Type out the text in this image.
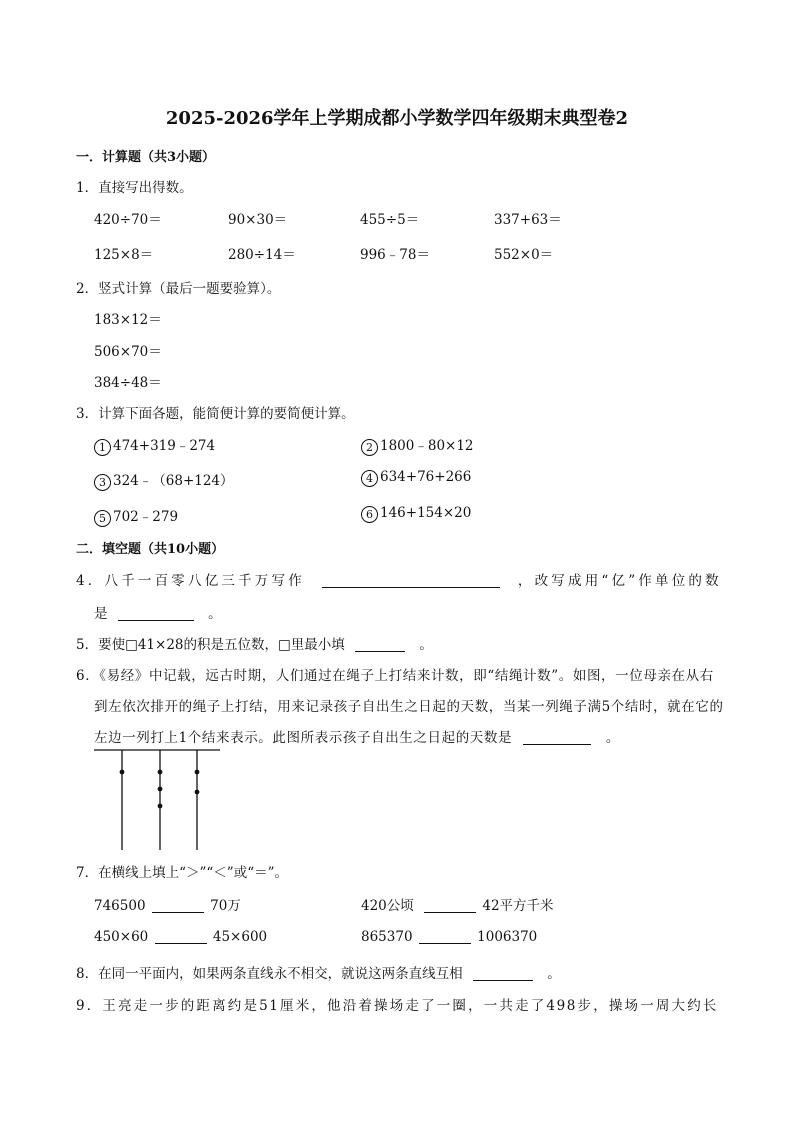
2025-2026学年上学期成都小学数学四年级期末典型卷2
一．计算题（共3小题）
1．直接写出得数。
420÷70＝	90×30＝	455÷5＝	337+63＝
125×8＝	280÷14＝	996﹣78＝	552×0＝
2．竖式计算（最后一题要验算）。
183×12＝
506×70＝
384÷48＝
3．计算下面各题，能简便计算的要简便计算。
1 474+319﹣274	2 1800﹣80×12
3 324﹣（68+124）	4 634+76+266
5 702﹣279	6 146+154×20
二．填空题（共10小题）
4．八千一百零八亿三千万写作	，改写成用“亿”作单位的数
是	。
5．要使□41×28的积是五位数，□里最小填	。
6．《易经》中记载，远古时期，人们通过在绳子上打结来计数，即“结绳计数”。如图，一位母亲在从右
到左依次排开的绳子上打结，用来记录孩子自出生之日起的天数，当某一列绳子满5个结时，就在它的
左边一列打上1个结来表示。此图所表示孩子自出生之日起的天数是	。
7．在横线上填上“＞”“＜”或“＝”。
746500	70万	420公顷	42平方千米
450×60	45×600	865370	1006370
8．在同一平面内，如果两条直线永不相交，就说这两条直线互相	。
9．王亮走一步的距离约是51厘米，他沿着操场走了一圈，一共走了498步，操场一周大约长
